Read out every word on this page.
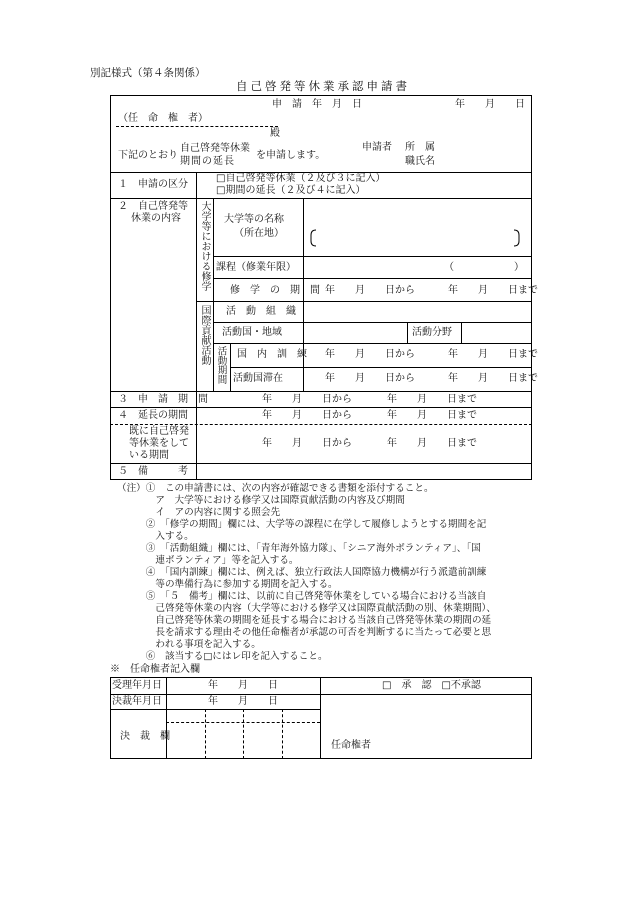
別記様式（第４条関係）
自己啓発等休業承認申請書
申　請　年　月　日	年　　月　　日
（任　命　権　者）
殿
下記のとおり
自己啓発等休業
期間の延長
を申請します。
申請者 所　属
職氏名
１　申請の区分
□自己啓発等休業（２及び３に記入）
□期間の延長（２及び４に記入）
２　自己啓発等
休業の内容 大学等における修学
国際貢献活動 活動期間
大学等の名称
（所在地）
課程（修業年限）	（　　　　　　）
修　学　の　期　間 年　　月　　日から	年　　月　　日まで
活　動　組　織
活動国・地域	活動分野
国　内　訓　練 年　　月　　日から	年　　月　　日まで
活動国滞在	年　　月　　日から	年　　月　　日まで
３　申　請　期　間	年　　月　　日から	年　　月　　日まで
４　延長の期間	年　　月　　日から	年　　月　　日まで
既に自己啓発
等休業をして
いる期間
年　　月　　日から	年　　月　　日まで
５　備　　　考
（注）①　この申請書には、次の内容が確認できる書類を添付すること。
　　　　ア　大学等における修学又は国際貢献活動の内容及び期間
　　　　イ　アの内容に関する照会先
　　　②　「修学の期間」欄には、大学等の課程に在学して履修しようとする期間を記
　　　　入する。
　　　③　「活動組織」欄には、「青年海外協力隊」、「シニア海外ボランティア」、「国
　　　　連ボランティア」等を記入する。
　　　④　「国内訓練」欄には、例えば、独立行政法人国際協力機構が行う派遣前訓練
　　　　等の準備行為に参加する期間を記入する。
　　　⑤　「５　備考」欄には、以前に自己啓発等休業をしている場合における当該自
　　　　己啓発等休業の内容（大学等における修学又は国際貢献活動の別、休業期間）、
　　　　自己啓発等休業の期間を延長する場合における当該自己啓発等休業の期間の延
　　　　長を請求する理由その他任命権者が承認の可否を判断するに当たって必要と思
　　　　われる事項を記入する。
　　　⑥　該当する□にはレ印を記入すること。
※　任命権者記入欄
受理年月日	年　　月　　日	□　承　認　□不承認
決裁年月日	年　　月　　日
決　裁　欄
任命権者
